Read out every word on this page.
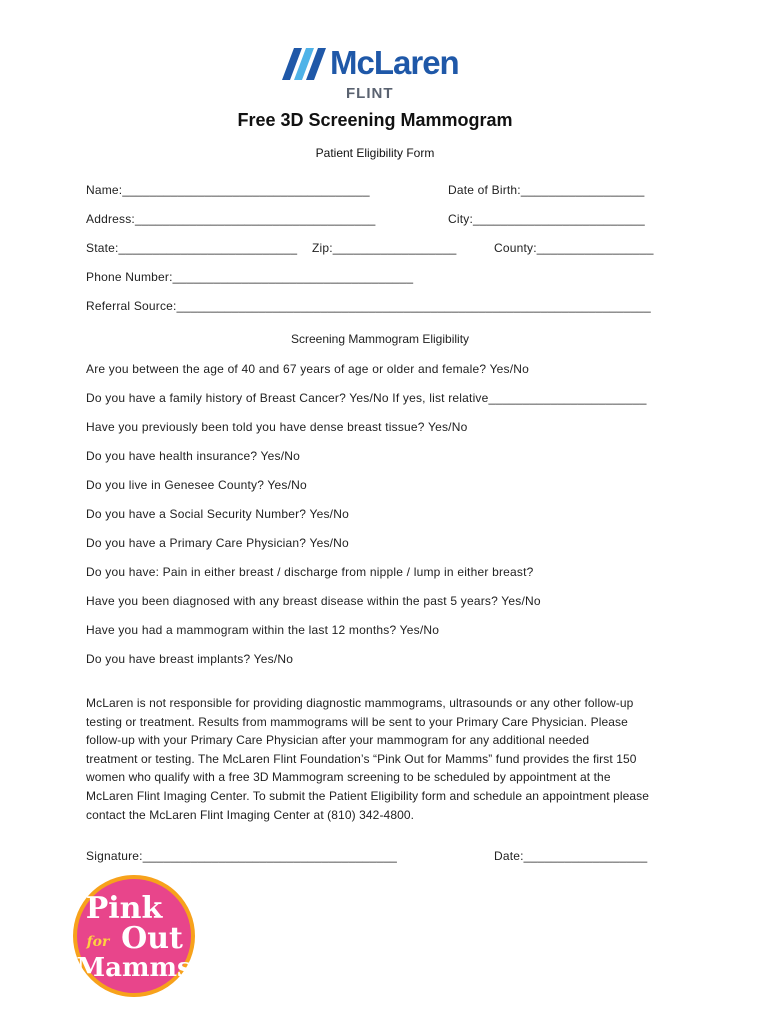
McLaren
FLINT
Free 3D Screening Mammogram
Patient Eligibility Form
Name:____________________________________	Date of Birth:__________________
Address:___________________________________	City:_________________________
State:__________________________ Zip:__________________	County:_________________
Phone Number:___________________________________
Referral Source:_____________________________________________________________________
Screening Mammogram Eligibility
Are you between the age of 40 and 67 years of age or older and female? Yes/No
Do you have a family history of Breast Cancer? Yes/No If yes, list relative_______________________
Have you previously been told you have dense breast tissue? Yes/No
Do you have health insurance? Yes/No
Do you live in Genesee County? Yes/No
Do you have a Social Security Number? Yes/No
Do you have a Primary Care Physician? Yes/No
Do you have: Pain in either breast / discharge from nipple / lump in either breast?
Have you been diagnosed with any breast disease within the past 5 years? Yes/No
Have you had a mammogram within the last 12 months? Yes/No
Do you have breast implants? Yes/No
McLaren is not responsible for providing diagnostic mammograms, ultrasounds or any other follow-up
testing or treatment. Results from mammograms will be sent to your Primary Care Physician. Please
follow-up with your Primary Care Physician after your mammogram for any additional needed
treatment or testing. The McLaren Flint Foundation’s “Pink Out for Mamms” fund provides the first 150
women who qualify with a free 3D Mammogram screening to be scheduled by appointment at the
McLaren Flint Imaging Center. To submit the Patient Eligibility form and schedule an appointment please
contact the McLaren Flint Imaging Center at (810) 342-4800.
Signature:_____________________________________	Date:__________________
Pink
for Out
Mamms
